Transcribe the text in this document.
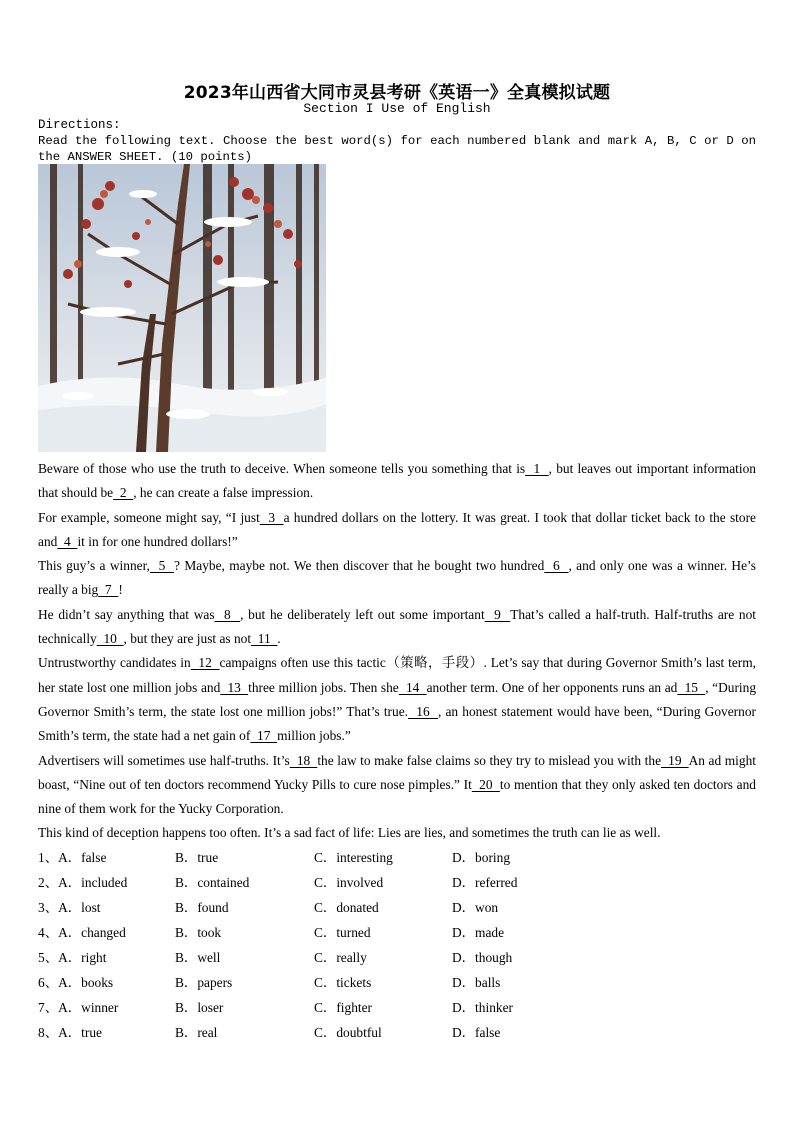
2023年山西省大同市灵县考研《英语一》全真模拟试题
Section I Use of English
Directions:
Read the following text. Choose the best word(s) for each numbered blank and mark A, B, C or D on the ANSWER SHEET. (10 points)

Beware of those who use the truth to deceive. When someone tells you something that is  1  , but leaves out important information that should be  2  , he can create a false impression.

For example, someone might say, “I just  3  a hundred dollars on the lottery. It was great. I took that dollar ticket back to the store and  4  it in for one hundred dollars!”

This guy’s a winner,  5  ? Maybe, maybe not. We then discover that he bought two hundred  6  , and only one was a winner. He’s really a big  7  !

He didn’t say anything that was  8  , but he deliberately left out some important  9  That’s called a half-truth. Half-truths are not technically  10  , but they are just as not  11  .

Untrustworthy candidates in  12  campaigns often use this tactic（策略，手段）. Let’s say that during Governor Smith’s last term, her state lost one million jobs and  13  three million jobs. Then she  14  another term. One of her opponents runs an ad  15  , “During Governor Smith’s term, the state lost one million jobs!” That’s true.  16  , an honest statement would have been, “During Governor Smith’s term, the state had a net gain of  17  million jobs.”

Advertisers will sometimes use half-truths. It’s  18  the law to make false claims so they try to mislead you with the  19  An ad might boast, “Nine out of ten doctors recommend Yucky Pills to cure nose pimples.” It  20  to mention that they only asked ten doctors and nine of them work for the Yucky Corporation.

This kind of deception happens too often. It’s a sad fact of life: Lies are lies, and sometimes the truth can lie as well.

1、A．false	B．true	C．interesting	D．boring
2、A．included	B．contained	C．involved	D．referred
3、A．lost	B．found	C．donated	D．won
4、A．changed	B．took	C．turned	D．made
5、A．right	B．well	C．really	D．though
6、A．books	B．papers	C．tickets	D．balls
7、A．winner	B．loser	C．fighter	D．thinker
8、A．true	B．real	C．doubtful	D．false
